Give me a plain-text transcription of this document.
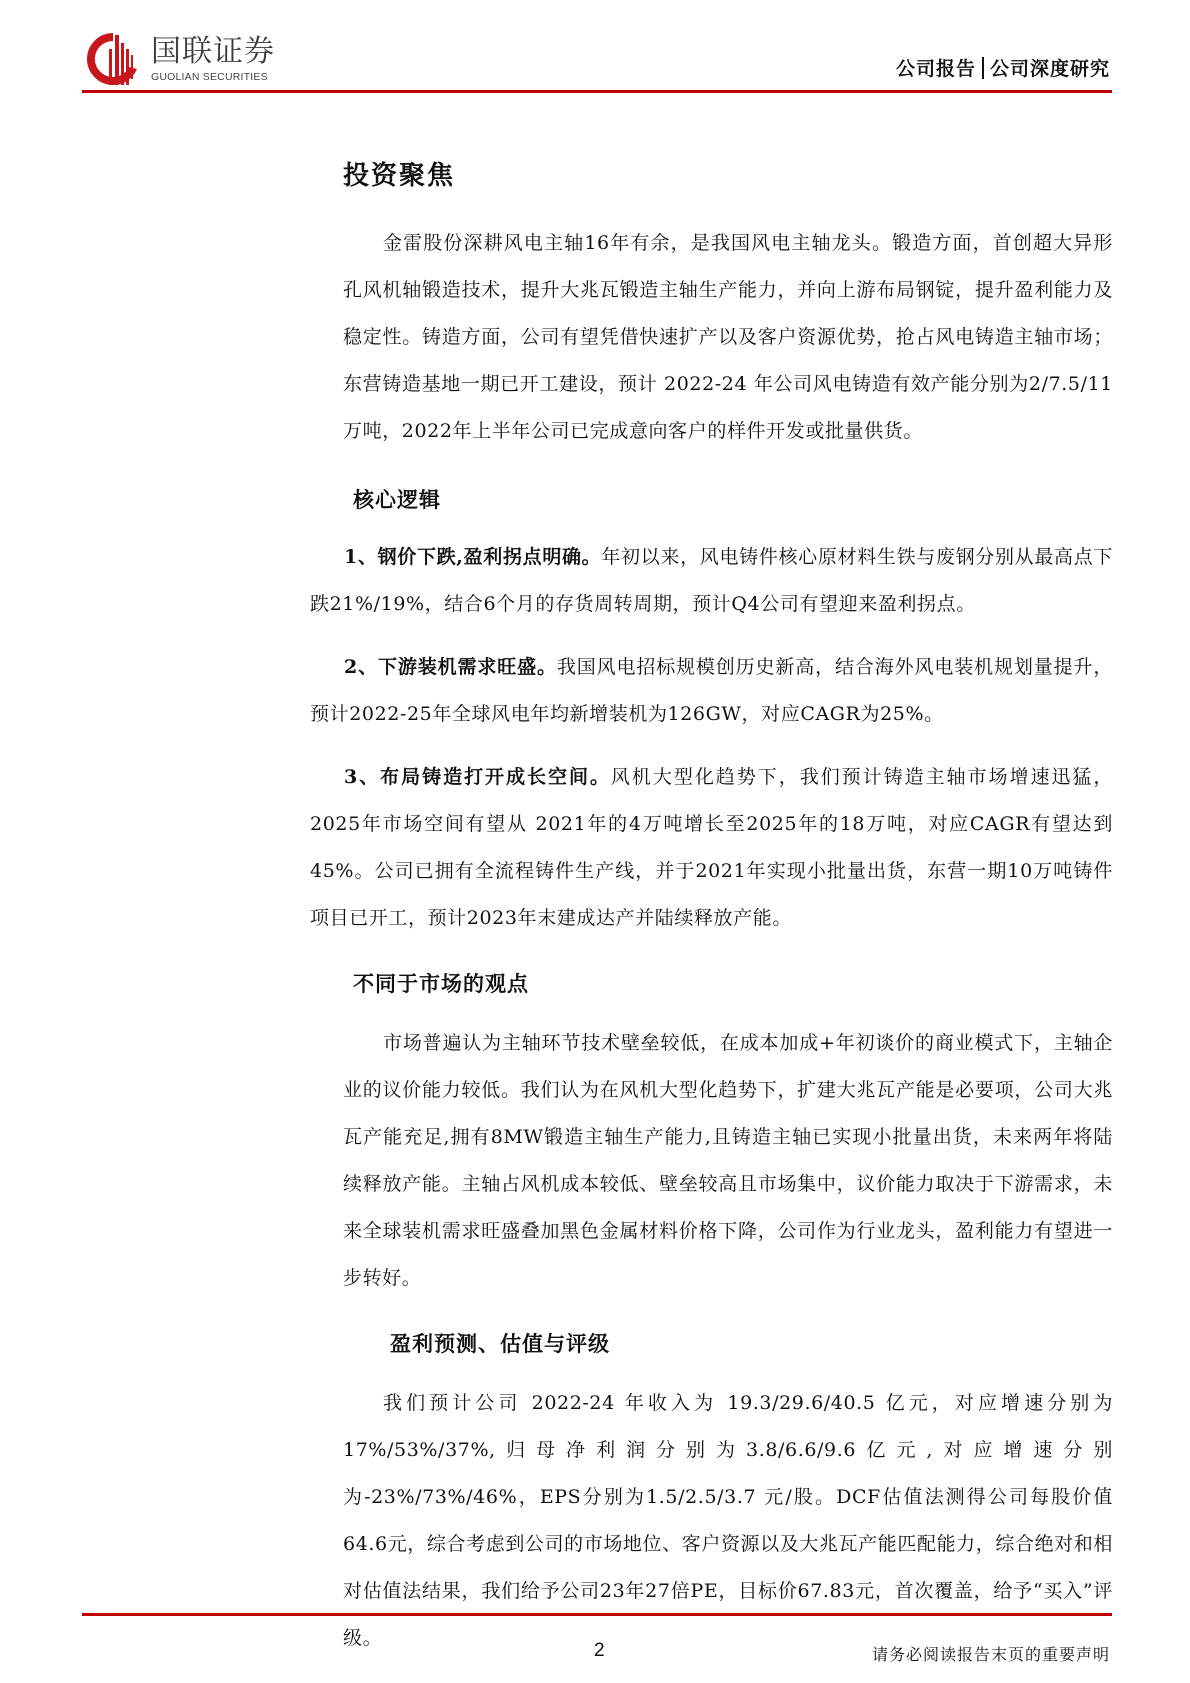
国联证券
GUOLIAN SECURITIES	公司报告 公司深度研究
投资聚焦
金雷股份深耕风电主轴16年有余，是我国风电主轴龙头。锻造方面，首创超大异形孔风机轴锻造技术，提升大兆瓦锻造主轴生产能力，并向上游布局钢锭，提升盈利能力及稳定性。铸造方面，公司有望凭借快速扩产以及客户资源优势，抢占风电铸造主轴市场；东营铸造基地一期已开工建设，预计 2022-24 年公司风电铸造有效产能分别为2/7.5/11万吨，2022年上半年公司已完成意向客户的样件开发或批量供货。
核心逻辑
1、钢价下跌,盈利拐点明确。年初以来，风电铸件核心原材料生铁与废钢分别从最高点下跌21%/19%，结合6个月的存货周转周期，预计Q4公司有望迎来盈利拐点。
2、下游装机需求旺盛。我国风电招标规模创历史新高，结合海外风电装机规划量提升，预计2022-25年全球风电年均新增装机为126GW，对应CAGR为25%。
3、布局铸造打开成长空间。风机大型化趋势下，我们预计铸造主轴市场增速迅猛，2025年市场空间有望从 2021年的4万吨增长至2025年的18万吨，对应CAGR有望达到45%。公司已拥有全流程铸件生产线，并于2021年实现小批量出货，东营一期10万吨铸件项目已开工，预计2023年末建成达产并陆续释放产能。
不同于市场的观点
市场普遍认为主轴环节技术壁垒较低，在成本加成+年初谈价的商业模式下，主轴企业的议价能力较低。我们认为在风机大型化趋势下，扩建大兆瓦产能是必要项，公司大兆瓦产能充足,拥有8MW锻造主轴生产能力,且铸造主轴已实现小批量出货，未来两年将陆续释放产能。主轴占风机成本较低、壁垒较高且市场集中，议价能力取决于下游需求，未来全球装机需求旺盛叠加黑色金属材料价格下降，公司作为行业龙头，盈利能力有望进一步转好。
盈利预测、估值与评级
我们预计公司 2022-24 年收入为 19.3/29.6/40.5 亿元，对应增速分别为17%/53%/37%,归母净利润分别为3.8/6.6/9.6亿元,对应增速分别为-23%/73%/46%，EPS分别为1.5/2.5/3.7 元/股。DCF估值法测得公司每股价值64.6元，综合考虑到公司的市场地位、客户资源以及大兆瓦产能匹配能力，综合绝对和相对估值法结果，我们给予公司23年27倍PE，目标价67.83元，首次覆盖，给予“买入”评级。
2	请务必阅读报告末页的重要声明
